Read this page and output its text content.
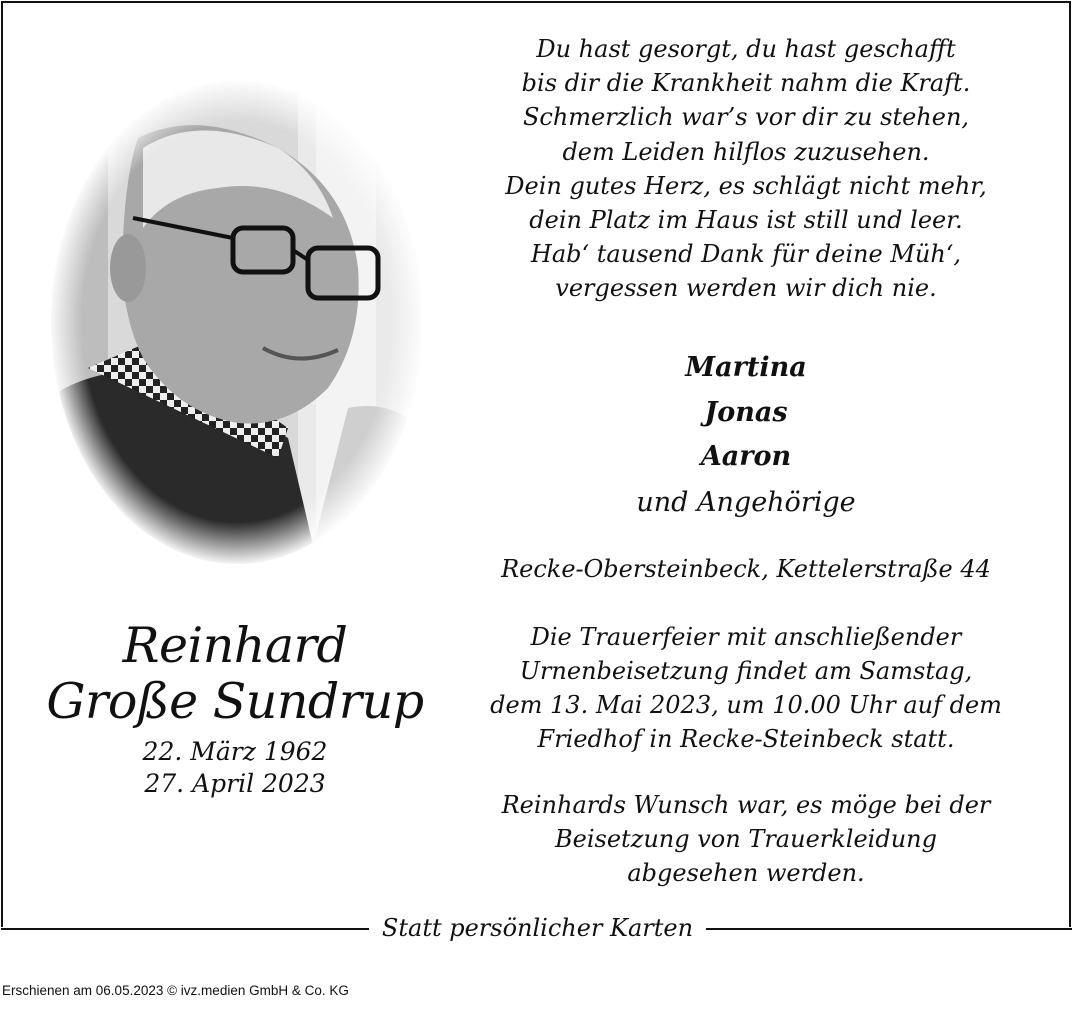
Reinhard
Große Sundrup
22. März 1962
27. April 2023
Du hast gesorgt, du hast geschafft
bis dir die Krankheit nahm die Kraft.
Schmerzlich war’s vor dir zu stehen,
dem Leiden hilflos zuzusehen.
Dein gutes Herz, es schlägt nicht mehr,
dein Platz im Haus ist still und leer.
Hab‘ tausend Dank für deine Müh‘,
vergessen werden wir dich nie.
Martina
Jonas
Aaron
und Angehörige
Recke-Obersteinbeck, Kettelerstraße 44
Die Trauerfeier mit anschließender
Urnenbeisetzung findet am Samstag,
dem 13. Mai 2023, um 10.00 Uhr auf dem
Friedhof in Recke-Steinbeck statt.
Reinhards Wunsch war, es möge bei der
Beisetzung von Trauerkleidung
abgesehen werden.
Statt persönlicher Karten
Erschienen am 06.05.2023 © ivz.medien GmbH & Co. KG
